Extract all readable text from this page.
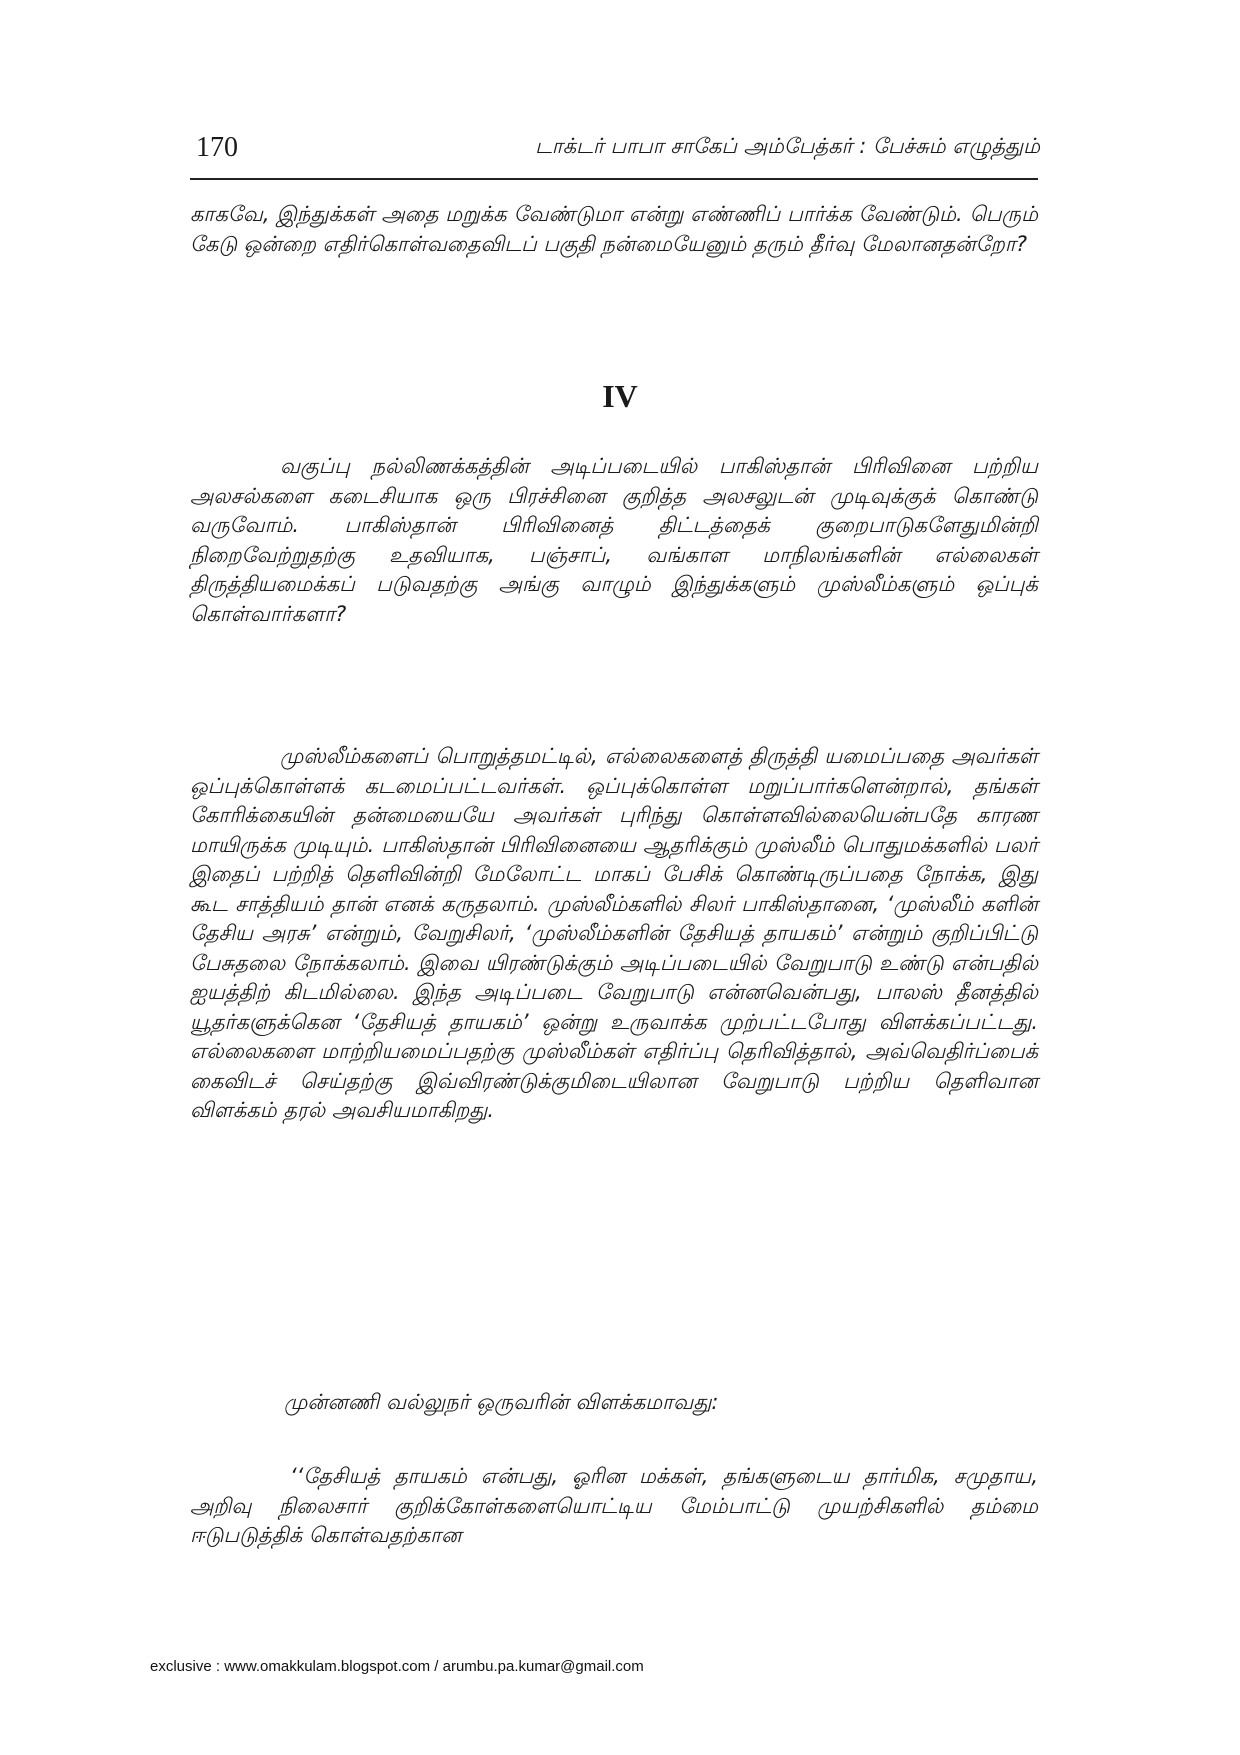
170	டாக்டர் பாபா சாகேப் அம்பேத்கர் : பேச்சும் எழுத்தும்
காகவே, இந்துக்கள் அதை மறுக்க வேண்டுமா என்று எண்ணிப் பார்க்க வேண்டும். பெரும் கேடு ஒன்றை எதிர்கொள்வதைவிடப் பகுதி நன்மையேனும் தரும் தீர்வு மேலானதன்றோ?
IV
வகுப்பு நல்லிணக்கத்தின் அடிப்படையில் பாகிஸ்தான் பிரிவினை பற்றிய அலசல்களை கடைசியாக ஒரு பிரச்சினை குறித்த அலசலுடன் முடிவுக்குக் கொண்டு வருவோம். பாகிஸ்தான் பிரிவினைத் திட்டத்தைக் குறைபாடுகளேதுமின்றி நிறைவேற்றுதற்கு உதவியாக, பஞ்சாப், வங்காள மாநிலங்களின் எல்லைகள் திருத்தியமைக்கப் படுவதற்கு அங்கு வாழும் இந்துக்களும் முஸ்லீம்களும் ஒப்புக் கொள்வார்களா?
முஸ்லீம்களைப் பொறுத்தமட்டில், எல்லைகளைத் திருத்தி யமைப்பதை அவர்கள் ஒப்புக்கொள்ளக் கடமைப்பட்டவர்கள். ஒப்புக்கொள்ள மறுப்பார்களென்றால், தங்கள் கோரிக்கையின் தன்மையையே அவர்கள் புரிந்து கொள்ளவில்லையென்பதே காரண மாயிருக்க முடியும். பாகிஸ்தான் பிரிவினையை ஆதரிக்கும் முஸ்லீம் பொதுமக்களில் பலர் இதைப் பற்றித் தெளிவின்றி மேலோட்ட மாகப் பேசிக் கொண்டிருப்பதை நோக்க, இது கூட சாத்தியம் தான் எனக் கருதலாம். முஸ்லீம்களில் சிலர் பாகிஸ்தானை, ‘முஸ்லீம் களின் தேசிய அரசு’ என்றும், வேறுசிலர், ‘முஸ்லீம்களின் தேசியத் தாயகம்’ என்றும் குறிப்பிட்டு பேசுதலை நோக்கலாம். இவை யிரண்டுக்கும் அடிப்படையில் வேறுபாடு உண்டு என்பதில் ஐயத்திற் கிடமில்லை. இந்த அடிப்படை வேறுபாடு என்னவென்பது, பாலஸ் தீனத்தில் யூதர்களுக்கென ‘தேசியத் தாயகம்’ ஒன்று உருவாக்க முற்பட்டபோது விளக்கப்பட்டது. எல்லைகளை மாற்றியமைப்பதற்கு முஸ்லீம்கள் எதிர்ப்பு தெரிவித்தால், அவ்வெதிர்ப்பைக் கைவிடச் செய்தற்கு இவ்விரண்டுக்குமிடையிலான வேறுபாடு பற்றிய தெளிவான விளக்கம் தரல் அவசியமாகிறது.
முன்னணி வல்லுநர் ஒருவரின் விளக்கமாவது:
‘‘தேசியத் தாயகம் என்பது, ஓரின மக்கள், தங்களுடைய தார்மிக, சமுதாய, அறிவு நிலைசார் குறிக்கோள்களையொட்டிய மேம்பாட்டு முயற்சிகளில் தம்மை ஈடுபடுத்திக் கொள்வதற்கான
exclusive : www.omakkulam.blogspot.com / arumbu.pa.kumar@gmail.com
